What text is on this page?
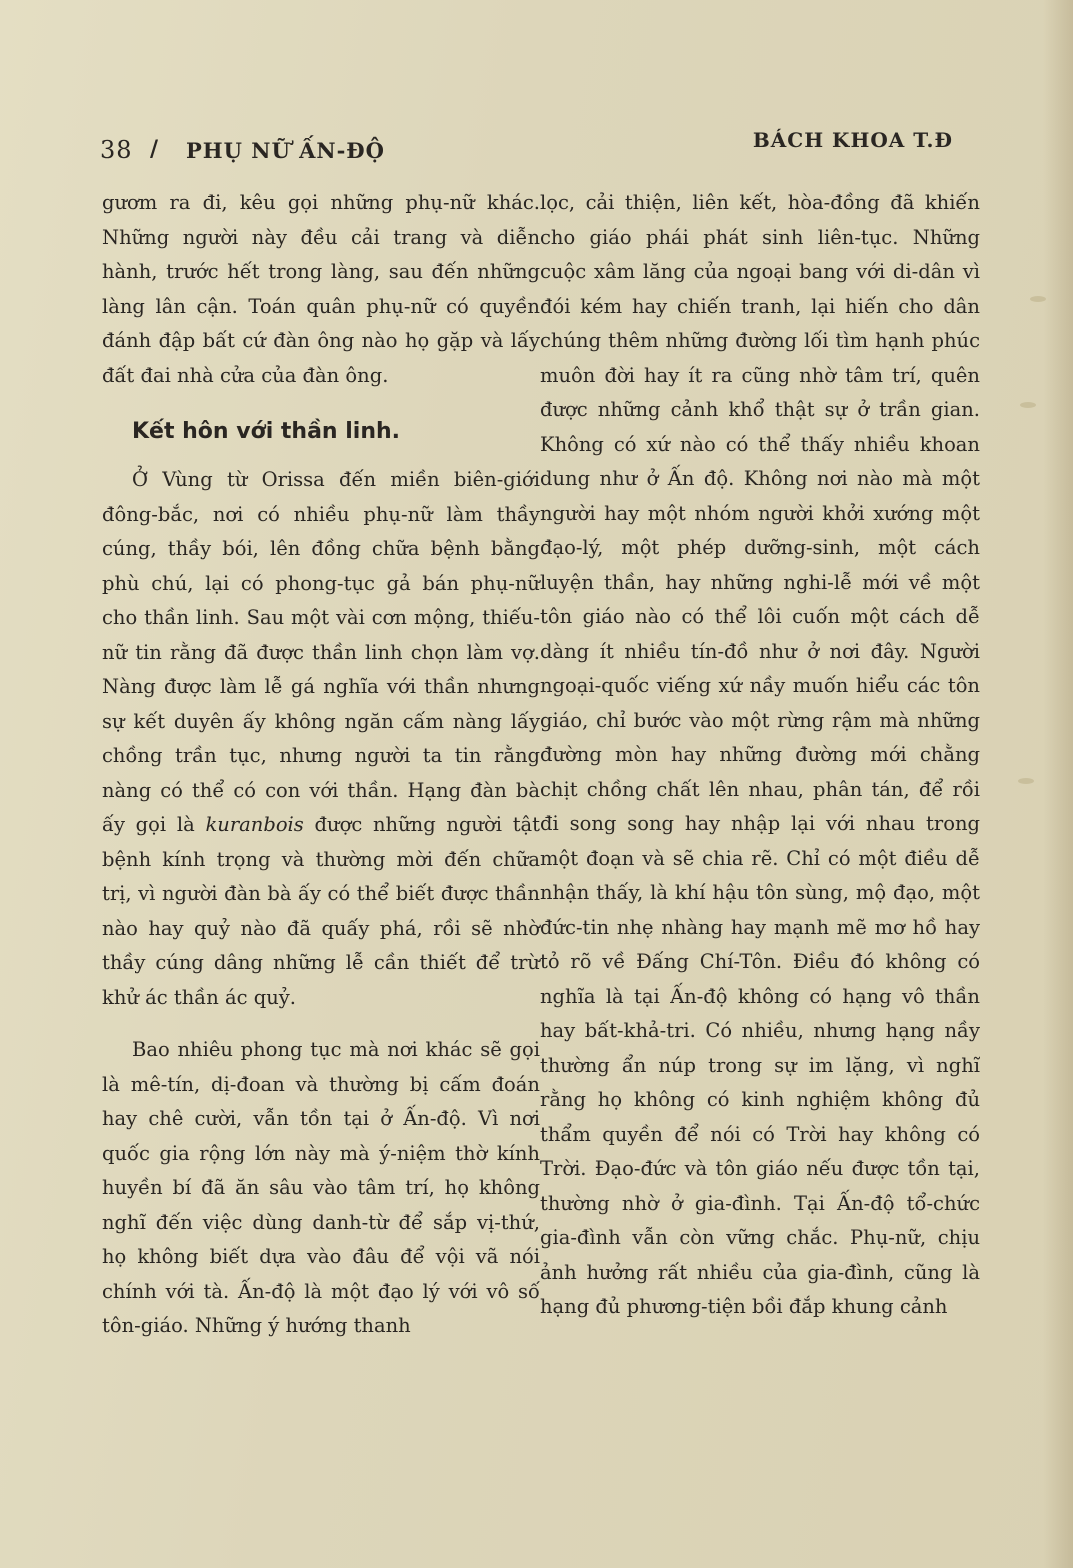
38 / PHỤ NỮ ẤN-ĐỘ	BÁCH KHOA T.Đ

gươm ra đi, kêu gọi những phụ-nữ khác. Những người này đều cải trang và diễn hành, trước hết trong làng, sau đến những làng lân cận. Toán quân phụ-nữ có quyền đánh đập bất cứ đàn ông nào họ gặp và lấy đất đai nhà cửa của đàn ông.

Kết hôn với thần linh.

Ở Vùng từ Orissa đến miền biên-giới đông-bắc, nơi có nhiều phụ-nữ làm thầy cúng, thầy bói, lên đồng chữa bệnh bằng phù chú, lại có phong-tục gả bán phụ-nữ cho thần linh. Sau một vài cơn mộng, thiếu-nữ tin rằng đã được thần linh chọn làm vợ. Nàng được làm lễ gá nghĩa với thần nhưng sự kết duyên ấy không ngăn cấm nàng lấy chồng trần tục, nhưng người ta tin rằng nàng có thể có con với thần. Hạng đàn bà ấy gọi là kuranbois được những người tật bệnh kính trọng và thường mời đến chữa trị, vì người đàn bà ấy có thể biết được thần nào hay quỷ nào đã quấy phá, rồi sẽ nhờ thầy cúng dâng những lễ cần thiết để trừ khử ác thần ác quỷ.

Bao nhiêu phong tục mà nơi khác sẽ gọi là mê-tín, dị-đoan và thường bị cấm đoán hay chê cười, vẫn tồn tại ở Ấn-độ. Vì nơi quốc gia rộng lớn này mà ý-niệm thờ kính huyền bí đã ăn sâu vào tâm trí, họ không nghĩ đến việc dùng danh-từ để sắp vị-thứ, họ không biết dựa vào đâu để vội vã nói chính với tà. Ấn-độ là một đạo lý với vô số tôn-giáo. Những ý hướng thanh

lọc, cải thiện, liên kết, hòa-đồng đã khiến cho giáo phái phát sinh liên-tục. Những cuộc xâm lăng của ngoại bang với di-dân vì đói kém hay chiến tranh, lại hiến cho dân chúng thêm những đường lối tìm hạnh phúc muôn đời hay ít ra cũng nhờ tâm trí, quên được những cảnh khổ thật sự ở trần gian. Không có xứ nào có thể thấy nhiều khoan dung như ở Ấn độ. Không nơi nào mà một người hay một nhóm người khởi xướng một đạo-lý, một phép dưỡng-sinh, một cách luyện thần, hay những nghi-lễ mới về một tôn giáo nào có thể lôi cuốn một cách dễ dàng ít nhiều tín-đồ như ở nơi đây. Người ngoại-quốc viếng xứ nầy muốn hiểu các tôn giáo, chỉ bước vào một rừng rậm mà những đường mòn hay những đường mới chằng chịt chồng chất lên nhau, phân tán, để rồi đi song song hay nhập lại với nhau trong một đoạn và sẽ chia rẽ. Chỉ có một điều dễ nhận thấy, là khí hậu tôn sùng, mộ đạo, một đức-tin nhẹ nhàng hay mạnh mẽ mơ hồ hay tỏ rõ về Đấng Chí-Tôn. Điều đó không có nghĩa là tại Ấn-độ không có hạng vô thần hay bất-khả-tri. Có nhiều, nhưng hạng nầy thường ẩn núp trong sự im lặng, vì nghĩ rằng họ không có kinh nghiệm không đủ thẩm quyền để nói có Trời hay không có Trời. Đạo-đức và tôn giáo nếu được tồn tại, thường nhờ ở gia-đình. Tại Ấn-độ tổ-chức gia-đình vẫn còn vững chắc. Phụ-nữ, chịu ảnh hưởng rất nhiều của gia-đình, cũng là hạng đủ phương-tiện bồi đắp khung cảnh
